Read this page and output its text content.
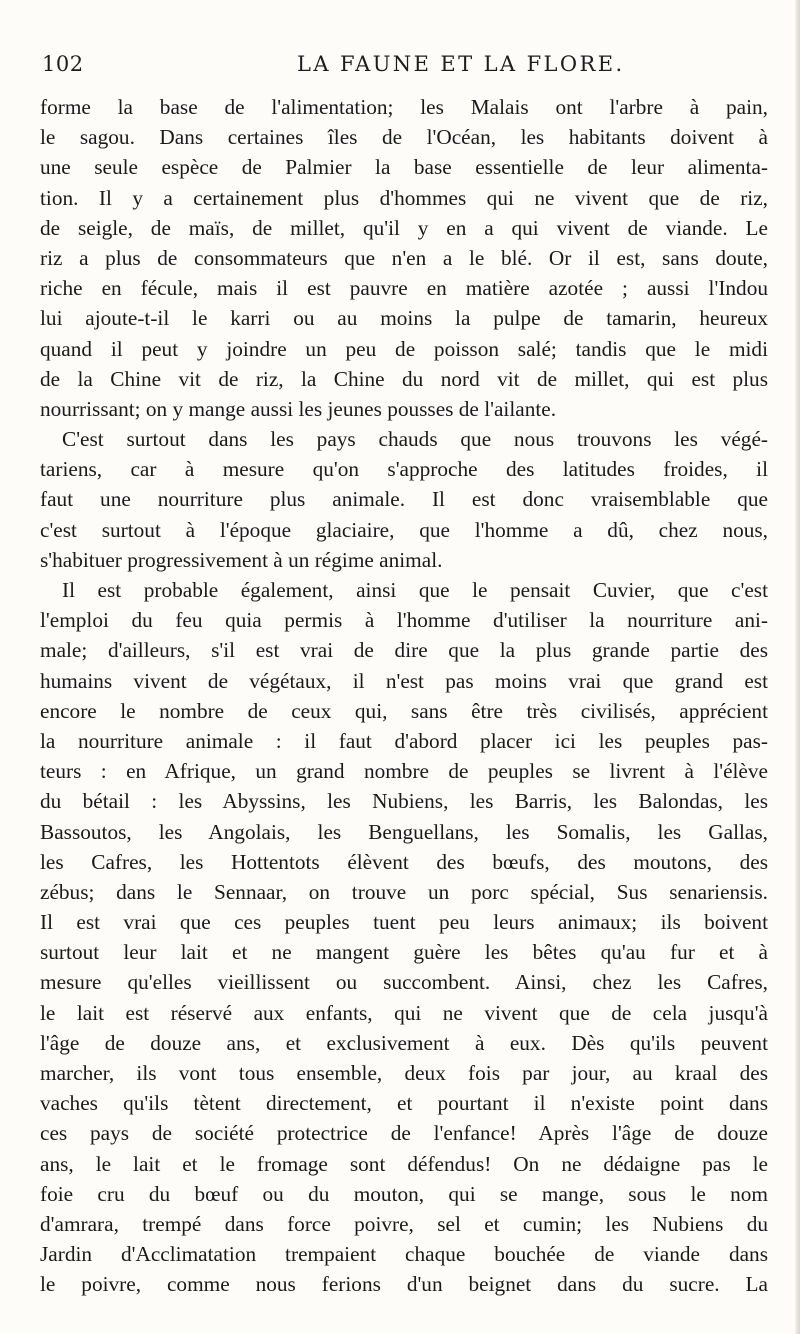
102	LA FAUNE ET LA FLORE.
forme la base de l'alimentation; les Malais ont l'arbre à pain,
le sagou. Dans certaines îles de l'Océan, les habitants doivent à
une seule espèce de Palmier la base essentielle de leur alimenta-
tion. Il y a certainement plus d'hommes qui ne vivent que de riz,
de seigle, de maïs, de millet, qu'il y en a qui vivent de viande. Le
riz a plus de consommateurs que n'en a le blé. Or il est, sans doute,
riche en fécule, mais il est pauvre en matière azotée ; aussi l'Indou
lui ajoute-t-il le karri ou au moins la pulpe de tamarin, heureux
quand il peut y joindre un peu de poisson salé; tandis que le midi
de la Chine vit de riz, la Chine du nord vit de millet, qui est plus
nourrissant; on y mange aussi les jeunes pousses de l'ailante.
C'est surtout dans les pays chauds que nous trouvons les végé-
tariens, car à mesure qu'on s'approche des latitudes froides, il
faut une nourriture plus animale. Il est donc vraisemblable que
c'est surtout à l'époque glaciaire, que l'homme a dû, chez nous,
s'habituer progressivement à un régime animal.
Il est probable également, ainsi que le pensait Cuvier, que c'est
l'emploi du feu quia permis à l'homme d'utiliser la nourriture ani-
male; d'ailleurs, s'il est vrai de dire que la plus grande partie des
humains vivent de végétaux, il n'est pas moins vrai que grand est
encore le nombre de ceux qui, sans être très civilisés, apprécient
la nourriture animale : il faut d'abord placer ici les peuples pas-
teurs : en Afrique, un grand nombre de peuples se livrent à l'élève
du bétail : les Abyssins, les Nubiens, les Barris, les Balondas, les
Bassoutos, les Angolais, les Benguellans, les Somalis, les Gallas,
les Cafres, les Hottentots élèvent des bœufs, des moutons, des
zébus; dans le Sennaar, on trouve un porc spécial, Sus senariensis.
Il est vrai que ces peuples tuent peu leurs animaux; ils boivent
surtout leur lait et ne mangent guère les bêtes qu'au fur et à
mesure qu'elles vieillissent ou succombent. Ainsi, chez les Cafres,
le lait est réservé aux enfants, qui ne vivent que de cela jusqu'à
l'âge de douze ans, et exclusivement à eux. Dès qu'ils peuvent
marcher, ils vont tous ensemble, deux fois par jour, au kraal des
vaches qu'ils tètent directement, et pourtant il n'existe point dans
ces pays de société protectrice de l'enfance! Après l'âge de douze
ans, le lait et le fromage sont défendus! On ne dédaigne pas le
foie cru du bœuf ou du mouton, qui se mange, sous le nom
d'amrara, trempé dans force poivre, sel et cumin; les Nubiens du
Jardin d'Acclimatation trempaient chaque bouchée de viande dans
le poivre, comme nous ferions d'un beignet dans du sucre. La
